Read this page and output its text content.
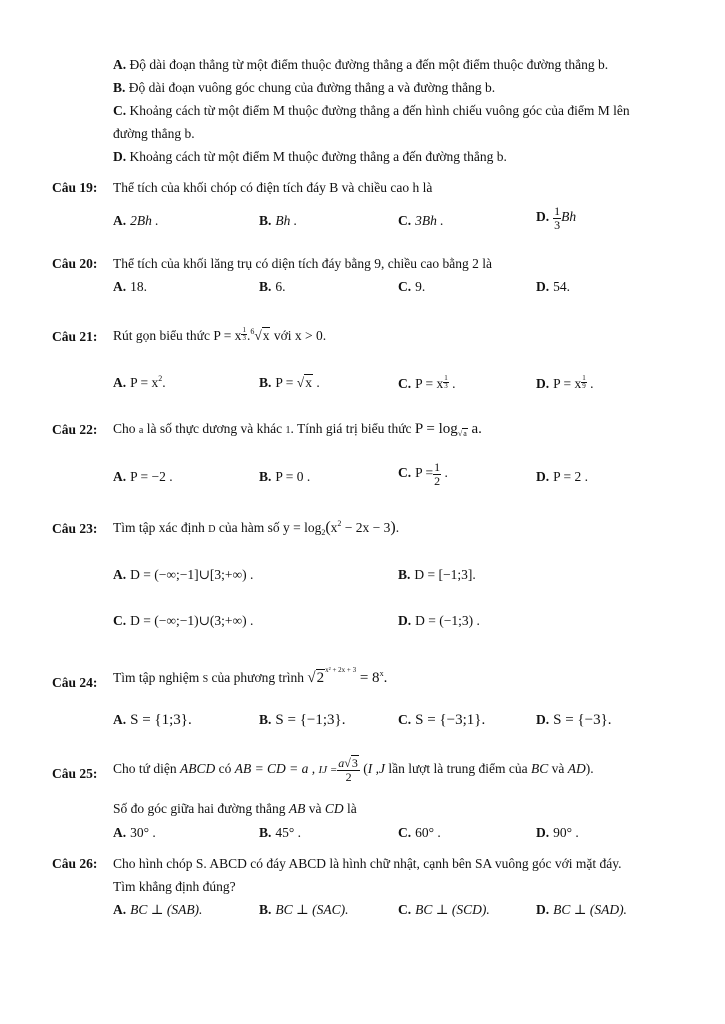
A. Độ dài đoạn thẳng từ một điểm thuộc đường thẳng a đến một điểm thuộc đường thẳng b.
B. Độ dài đoạn vuông góc chung của đường thẳng a và đường thẳng b.
C. Khoảng cách từ một điểm M thuộc đường thẳng a đến hình chiếu vuông góc của điểm M lên
đường thẳng b.
D. Khoảng cách từ một điểm M thuộc đường thẳng a đến đường thẳng b.
Câu 19: Thể tích của khối chóp có điện tích đáy B và chiều cao h là
A. 2Bh .	B. Bh .	C. 3Bh .	D. $\frac{1}{3}$ Bh
Câu 20: Thể tích của khối lăng trụ có diện tích đáy bằng 9, chiều cao bằng 2 là
A. 18.	B. 6.	C. 9.	D. 54.
Câu 21: Rút gọn biểu thức P = x $\frac{1}{3} .^6√x$ với x > 0.
A. $P = x^2$.	B. P = √x .	C. P = x $\frac{1}{3}$ .	D. P = x $\frac{1}{9}$ .
Câu 22: Cho a là số thực dương và khác 1. Tính giá trị biểu thức $P = \log_{√a} a$.
A. P = −2 .	B. P = 0 .	C. $P = \frac{1}{2}$ .	D. P = 2 .
Câu 23: Tìm tập xác định D của hàm số $y = \log_2(x^2 - 2x - 3)$.
A. D = (−∞;−1]∪[3;+∞) .	B. D = [−1;3].
C. D = (−∞;−1)∪(3;+∞) .	D. D = (−1;3) .
Câu 24: Tìm tập nghiệm S của phương trình $√2^{x^2 + 2x + 3} = 8^x$.
A. S = {1;3}.	B. S = {−1;3}.	C. S = {−3;1}.	D. S = {−3}.
Câu 25: Cho tứ diện ABCD có AB = CD = a , IJ = $\frac{a√3}{2} (I$ ,J lần lượt là trung điểm của BC và AD).
Số đo góc giữa hai đường thẳng AB và CD là
A. 30° .	B. 45° .	C. 60° .	D. 90° .
Câu 26: Cho hình chóp S. ABCD có đáy ABCD là hình chữ nhật, cạnh bên SA vuông góc với mặt đáy.
Tìm khẳng định đúng?
A. BC ⊥ (SAB).	B. BC ⊥ (SAC).	C. BC ⊥ (SCD).	D. BC ⊥ (SAD).
